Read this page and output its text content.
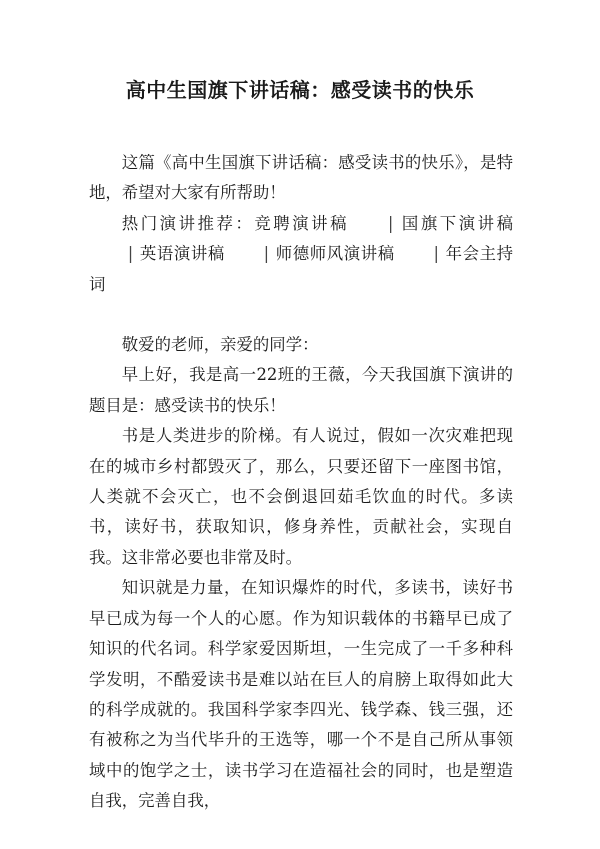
高中生国旗下讲话稿：感受读书的快乐

这篇《高中生国旗下讲话稿：感受读书的快乐》，是特地，希望对大家有所帮助！

热门演讲推荐：竞聘演讲稿 | 国旗下演讲稿| 英语演讲稿 | 师德师风演讲稿 | 年会主持词

敬爱的老师，亲爱的同学：

早上好，我是高一22班的王薇，今天我国旗下演讲的题目是：感受读书的快乐！

书是人类进步的阶梯。有人说过，假如一次灾难把现在的城市乡村都毁灭了，那么，只要还留下一座图书馆，人类就不会灭亡，也不会倒退回茹毛饮血的时代。多读书，读好书，获取知识，修身养性，贡献社会，实现自我。这非常必要也非常及时。

知识就是力量，在知识爆炸的时代，多读书，读好书早已成为每一个人的心愿。作为知识载体的书籍早已成了知识的代名词。科学家爱因斯坦，一生完成了一千多种科学发明，不酷爱读书是难以站在巨人的肩膀上取得如此大的科学成就的。我国科学家李四光、钱学森、钱三强，还有被称之为当代毕升的王选等，哪一个不是自己所从事领域中的饱学之士，读书学习在造福社会的同时，也是塑造自我，完善自我，
